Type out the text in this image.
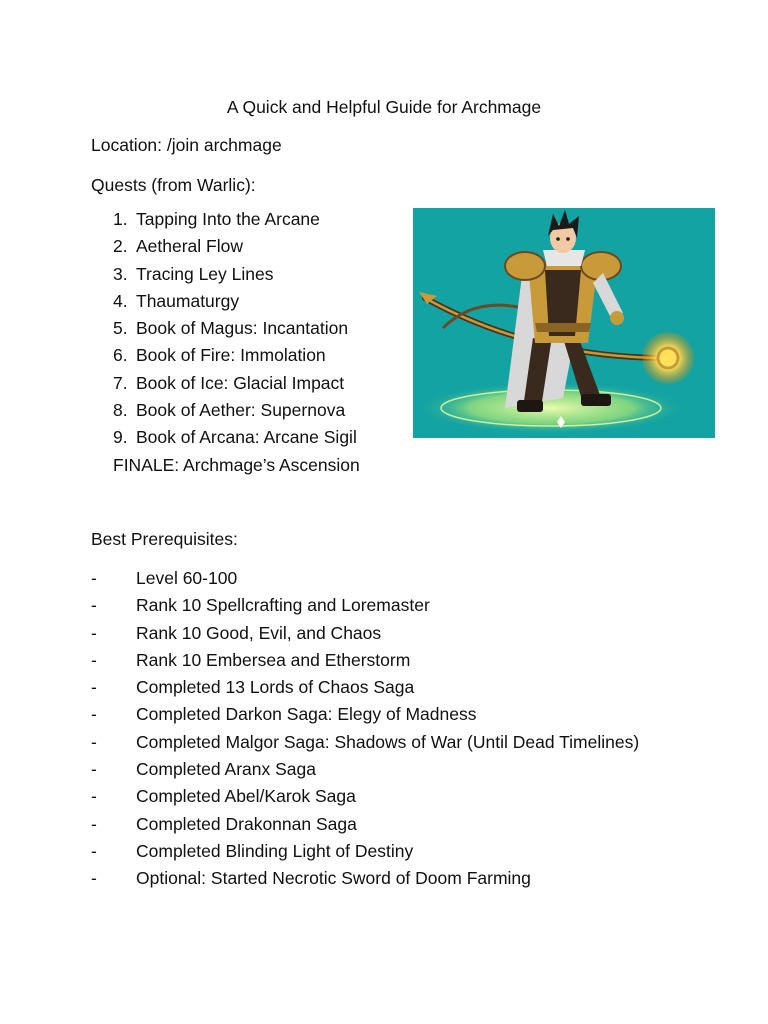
A Quick and Helpful Guide for Archmage
Location: /join archmage
Quests (from Warlic):
1. Tapping Into the Arcane
2. Aetheral Flow
3. Tracing Ley Lines
4. Thaumaturgy
5. Book of Magus: Incantation
6. Book of Fire: Immolation
7. Book of Ice: Glacial Impact
8. Book of Aether: Supernova
9. Book of Arcana: Arcane Sigil
FINALE: Archmage’s Ascension
Best Prerequisites:
- Level 60-100
- Rank 10 Spellcrafting and Loremaster
- Rank 10 Good, Evil, and Chaos
- Rank 10 Embersea and Etherstorm
- Completed 13 Lords of Chaos Saga
- Completed Darkon Saga: Elegy of Madness
- Completed Malgor Saga: Shadows of War (Until Dead Timelines)
- Completed Aranx Saga
- Completed Abel/Karok Saga
- Completed Drakonnan Saga
- Completed Blinding Light of Destiny
- Optional: Started Necrotic Sword of Doom Farming
